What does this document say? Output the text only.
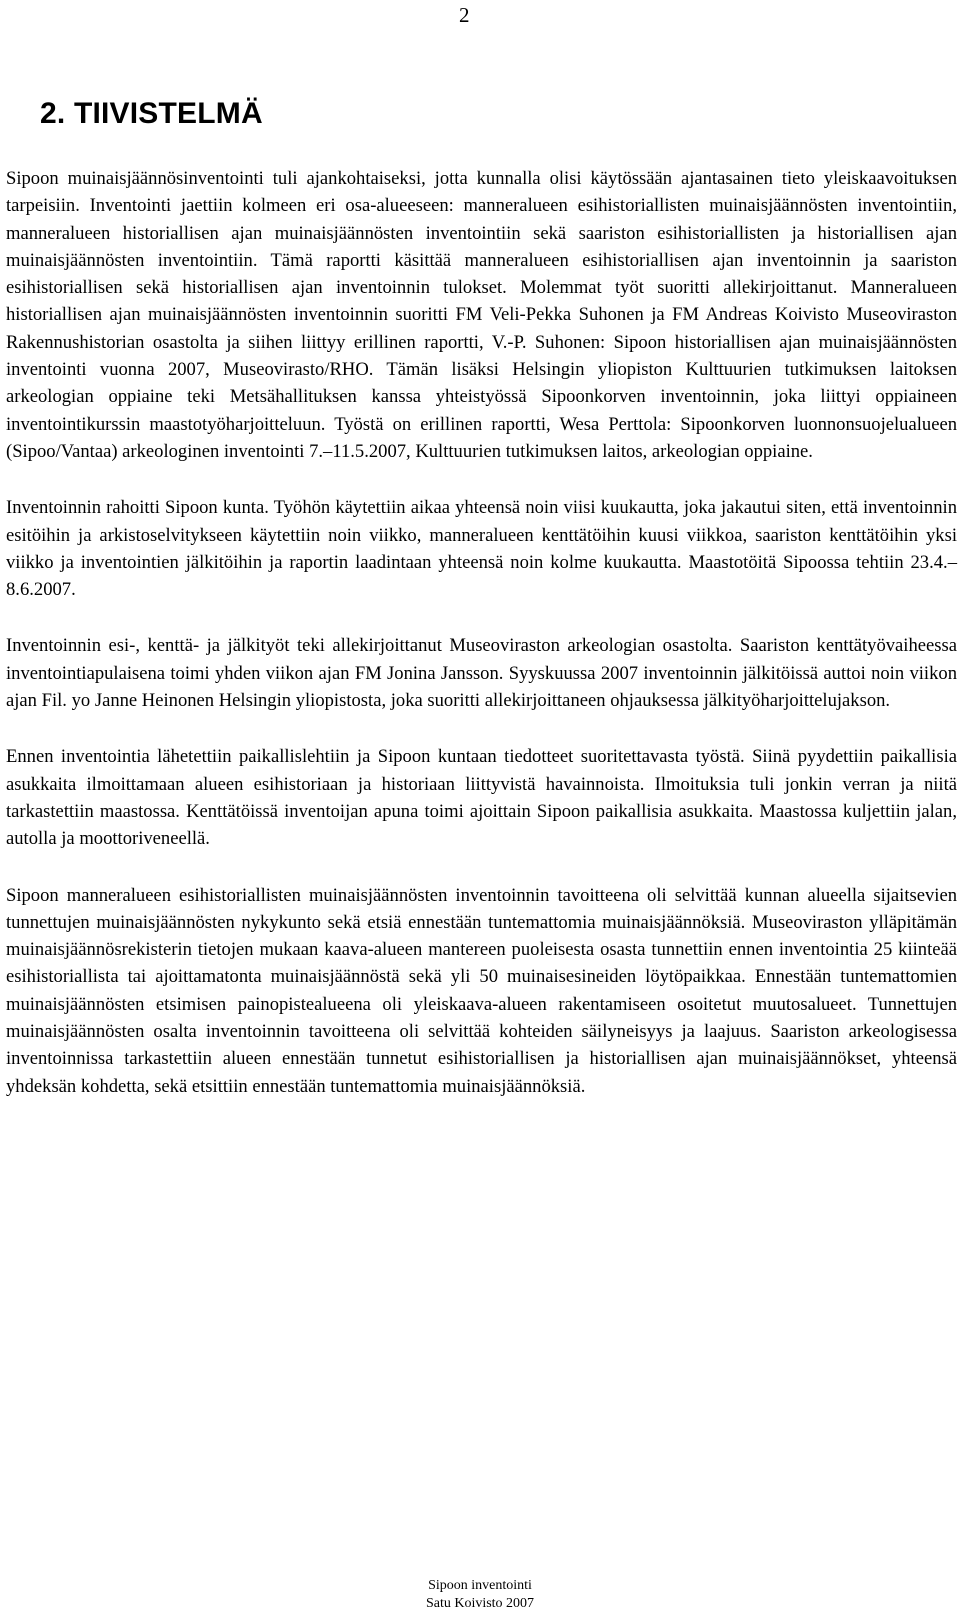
2
2. TIIVISTELMÄ

Sipoon muinaisjäännösinventointi tuli ajankohtaiseksi, jotta kunnalla olisi käytössään ajantasainen tieto yleiskaavoituksen tarpeisiin. Inventointi jaettiin kolmeen eri osa-alueeseen: manneralueen esihistoriallisten muinaisjäännösten inventointiin, manneralueen historiallisen ajan muinaisjäännösten inventointiin sekä saariston esihistoriallisten ja historiallisen ajan muinaisjäännösten inventointiin. Tämä raportti käsittää manneralueen esihistoriallisen ajan inventoinnin ja saariston esihistoriallisen sekä historiallisen ajan inventoinnin tulokset. Molemmat työt suoritti allekirjoittanut. Manneralueen historiallisen ajan muinaisjäännösten inventoinnin suoritti FM Veli-Pekka Suhonen ja FM Andreas Koivisto Museoviraston Rakennushistorian osastolta ja siihen liittyy erillinen raportti, V.-P. Suhonen: Sipoon historiallisen ajan muinaisjäännösten inventointi vuonna 2007, Museovirasto/RHO. Tämän lisäksi Helsingin yliopiston Kulttuurien tutkimuksen laitoksen arkeologian oppiaine teki Metsähallituksen kanssa yhteistyössä Sipoonkorven inventoinnin, joka liittyi oppiaineen inventointikurssin maastotyöharjoitteluun. Työstä on erillinen raportti, Wesa Perttola: Sipoonkorven luonnonsuojelualueen (Sipoo/Vantaa) arkeologinen inventointi 7.–11.5.2007, Kulttuurien tutkimuksen laitos, arkeologian oppiaine.

Inventoinnin rahoitti Sipoon kunta. Työhön käytettiin aikaa yhteensä noin viisi kuukautta, joka jakautui siten, että inventoinnin esitöihin ja arkistoselvitykseen käytettiin noin viikko, manneralueen kenttätöihin kuusi viikkoa, saariston kenttätöihin yksi viikko ja inventointien jälkitöihin ja raportin laadintaan yhteensä noin kolme kuukautta. Maastotöitä Sipoossa tehtiin 23.4.–8.6.2007.

Inventoinnin esi-, kenttä- ja jälkityöt teki allekirjoittanut Museoviraston arkeologian osastolta. Saariston kenttätyövaiheessa inventointiapulaisena toimi yhden viikon ajan FM Jonina Jansson. Syyskuussa 2007 inventoinnin jälkitöissä auttoi noin viikon ajan Fil. yo Janne Heinonen Helsingin yliopistosta, joka suoritti allekirjoittaneen ohjauksessa jälkityöharjoittelujakson.

Ennen inventointia lähetettiin paikallislehtiin ja Sipoon kuntaan tiedotteet suoritettavasta työstä. Siinä pyydettiin paikallisia asukkaita ilmoittamaan alueen esihistoriaan ja historiaan liittyvistä havainnoista. Ilmoituksia tuli jonkin verran ja niitä tarkastettiin maastossa. Kenttätöissä inventoijan apuna toimi ajoittain Sipoon paikallisia asukkaita. Maastossa kuljettiin jalan, autolla ja moottoriveneellä.

Sipoon manneralueen esihistoriallisten muinaisjäännösten inventoinnin tavoitteena oli selvittää kunnan alueella sijaitsevien tunnettujen muinaisjäännösten nykykunto sekä etsiä ennestään tuntemattomia muinaisjäännöksiä. Museoviraston ylläpitämän muinaisjäännösrekisterin tietojen mukaan kaava-alueen mantereen puoleisesta osasta tunnettiin ennen inventointia 25 kiinteää esihistoriallista tai ajoittamatonta muinaisjäännöstä sekä yli 50 muinaisesineiden löytöpaikkaa. Ennestään tuntemattomien muinaisjäännösten etsimisen painopistealueena oli yleiskaava-alueen rakentamiseen osoitetut muutosalueet. Tunnettujen muinaisjäännösten osalta inventoinnin tavoitteena oli selvittää kohteiden säilyneisyys ja laajuus. Saariston arkeologisessa inventoinnissa tarkastettiin alueen ennestään tunnetut esihistoriallisen ja historiallisen ajan muinaisjäännökset, yhteensä yhdeksän kohdetta, sekä etsittiin ennestään tuntemattomia muinaisjäännöksiä.

Sipoon inventointi
Satu Koivisto 2007
